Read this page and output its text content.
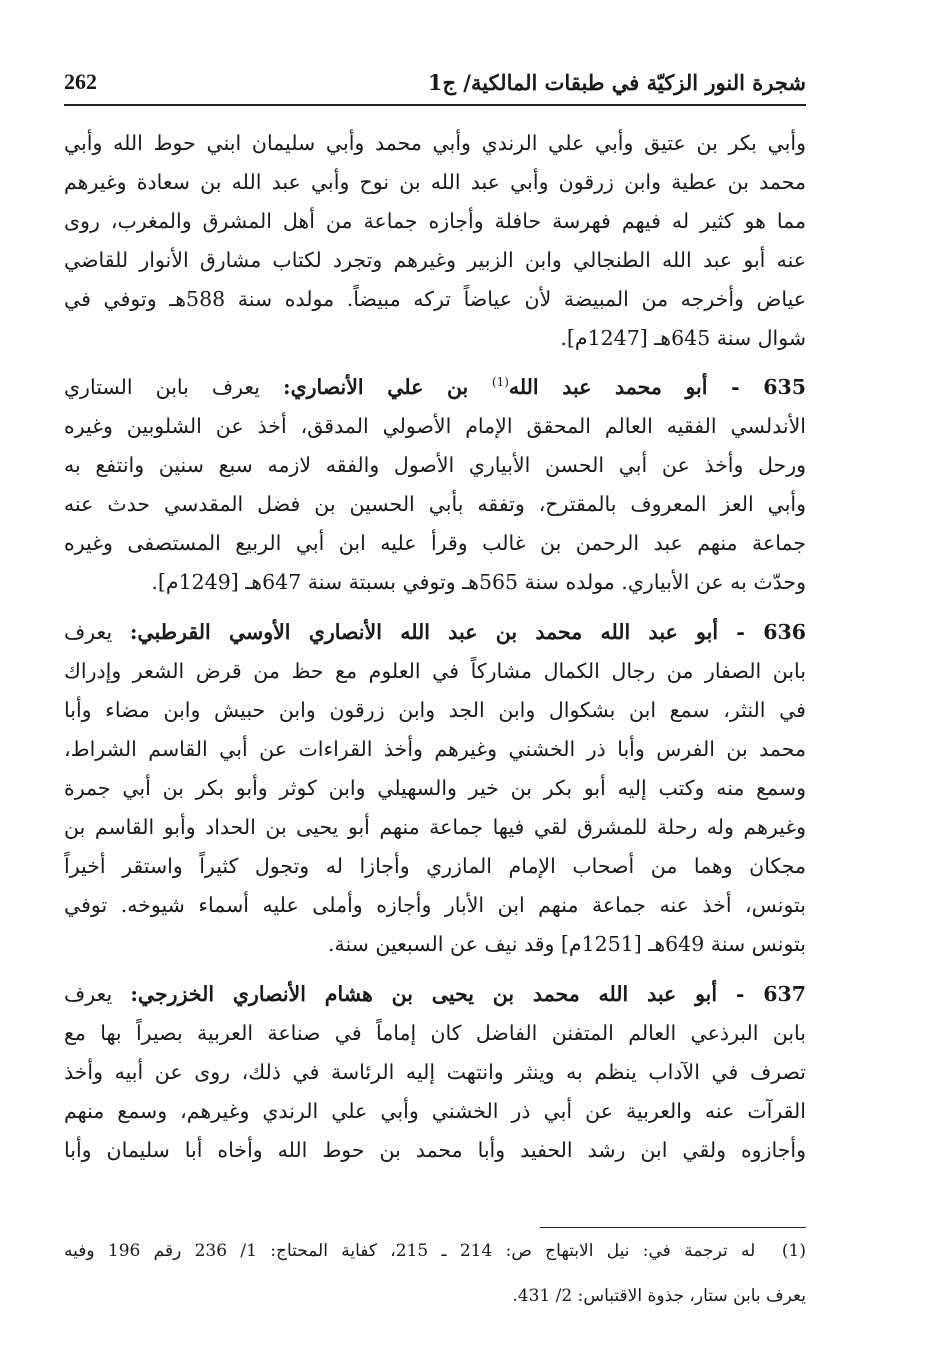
شجرة النور الزكيّة في طبقات المالكية/ ج1
262
وأبي بكر بن عتيق وأبي علي الرندي وأبي محمد وأبي سليمان ابني حوط الله وأبي
محمد بن عطية وابن زرقون وأبي عبد الله بن نوح وأبي عبد الله بن سعادة وغيرهم
مما هو كثير له فيهم فهرسة حافلة وأجازه جماعة من أهل المشرق والمغرب، روى
عنه أبو عبد الله الطنجالي وابن الزبير وغيرهم وتجرد لكتاب مشارق الأنوار للقاضي
عياض وأخرجه من المبيضة لأن عياضاً تركه مبيضاً. مولده سنة 588هـ وتوفي في
شوال سنة 645هـ [1247م].
635 - أبو محمد عبد الله$^{(1)}$ بن علي الأنصاري: يعرف بابن الستاري
الأندلسي الفقيه العالم المحقق الإمام الأصولي المدقق، أخذ عن الشلوبين وغيره
ورحل وأخذ عن أبي الحسن الأبياري الأصول والفقه لازمه سبع سنين وانتفع به
وأبي العز المعروف بالمقترح، وتفقه بأبي الحسين بن فضل المقدسي حدث عنه
جماعة منهم عبد الرحمن بن غالب وقرأ عليه ابن أبي الربيع المستصفى وغيره
وحدّث به عن الأبياري. مولده سنة 565هـ وتوفي بسبتة سنة 647هـ [1249م].
636 - أبو عبد الله محمد بن عبد الله الأنصاري الأوسي القرطبي: يعرف
بابن الصفار من رجال الكمال مشاركاً في العلوم مع حظ من قرض الشعر وإدراك
في النثر، سمع ابن بشكوال وابن الجد وابن زرقون وابن حبيش وابن مضاء وأبا
محمد بن الفرس وأبا ذر الخشني وغيرهم وأخذ القراءات عن أبي القاسم الشراط،
وسمع منه وكتب إليه أبو بكر بن خير والسهيلي وابن كوثر وأبو بكر بن أبي جمرة
وغيرهم وله رحلة للمشرق لقي فيها جماعة منهم أبو يحيى بن الحداد وأبو القاسم بن
مجكان وهما من أصحاب الإمام المازري وأجازا له وتجول كثيراً واستقر أخيراً
بتونس، أخذ عنه جماعة منهم ابن الأبار وأجازه وأملى عليه أسماء شيوخه. توفي
بتونس سنة 649هـ [1251م] وقد نيف عن السبعين سنة.
637 - أبو عبد الله محمد بن يحيى بن هشام الأنصاري الخزرجي: يعرف
بابن البرذعي العالم المتفنن الفاضل كان إماماً في صناعة العربية بصيراً بها مع
تصرف في الآداب ينظم به وينثر وانتهت إليه الرئاسة في ذلك، روى عن أبيه وأخذ
القرآت عنه والعربية عن أبي ذر الخشني وأبي علي الرندي وغيرهم، وسمع منهم
وأجازوه ولقي ابن رشد الحفيد وأبا محمد بن حوط الله وأخاه أبا سليمان وأبا
(1)  له ترجمة في: نيل الابتهاج ص: 214 ـ 215، كفاية المحتاج: 1/ 236 رقم 196 وفيه
يعرف بابن ستار، جذوة الاقتباس: 2/ 431.
